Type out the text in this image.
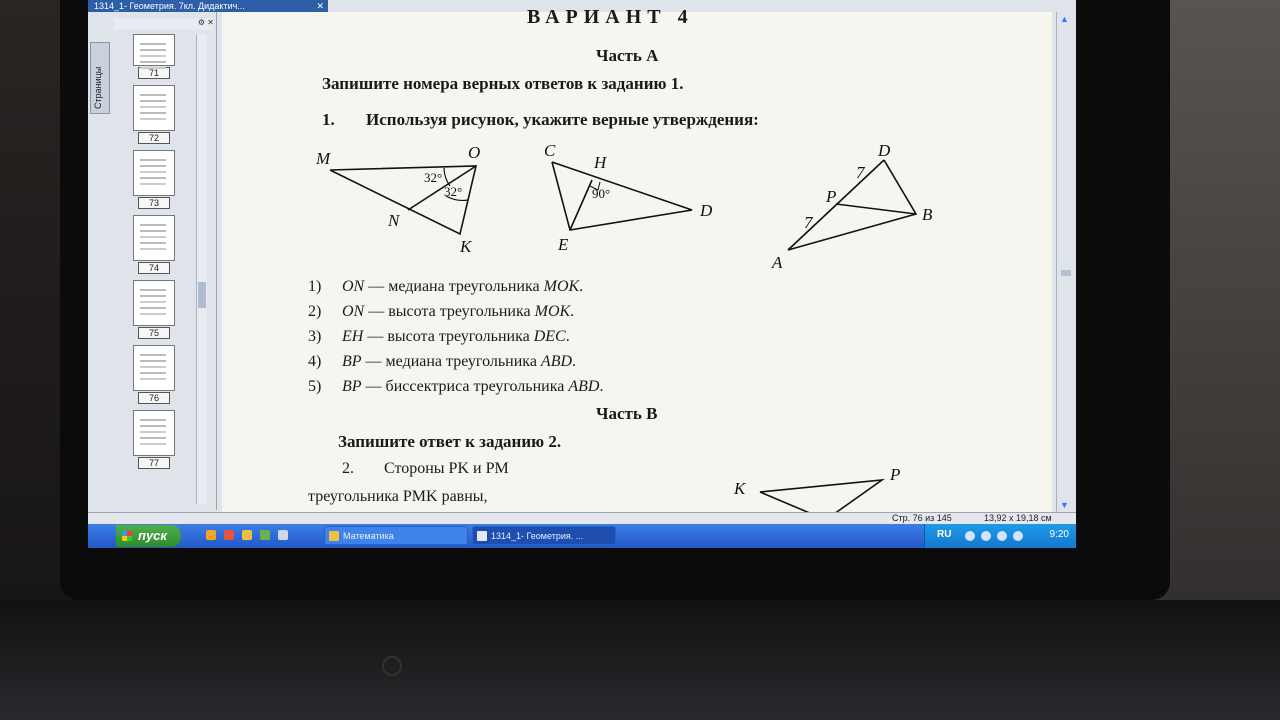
1314_1- Геометрия. 7кл. Дидактич...	✕
Страницы
⚙ ✕
71
72
73
74
75
76
77
ВАРИАНТ 4
Часть А
Запишите номера верных ответов к заданию 1.
1. Используя рисунок, укажите верные утверждения:
M	O
N
K
32°
32°
C
H
D
E
90°
D
P
B
A
7
7
1) ON — медиана треугольника MOK.
2) ON — высота треугольника MOK.
3) EH — высота треугольника DEC.
4) BP — медиана треугольника ABD.
5) BP — биссектриса треугольника ABD.
Часть В
Запишите ответ к заданию 2.
2. Стороны PK и PM
треугольника PMK равны,	K
P
▲
▼
Стр. 76 из 145	13,92 х 19,18 см
пуск	Математика	1314_1- Геометрия. ...	RU	9:20
